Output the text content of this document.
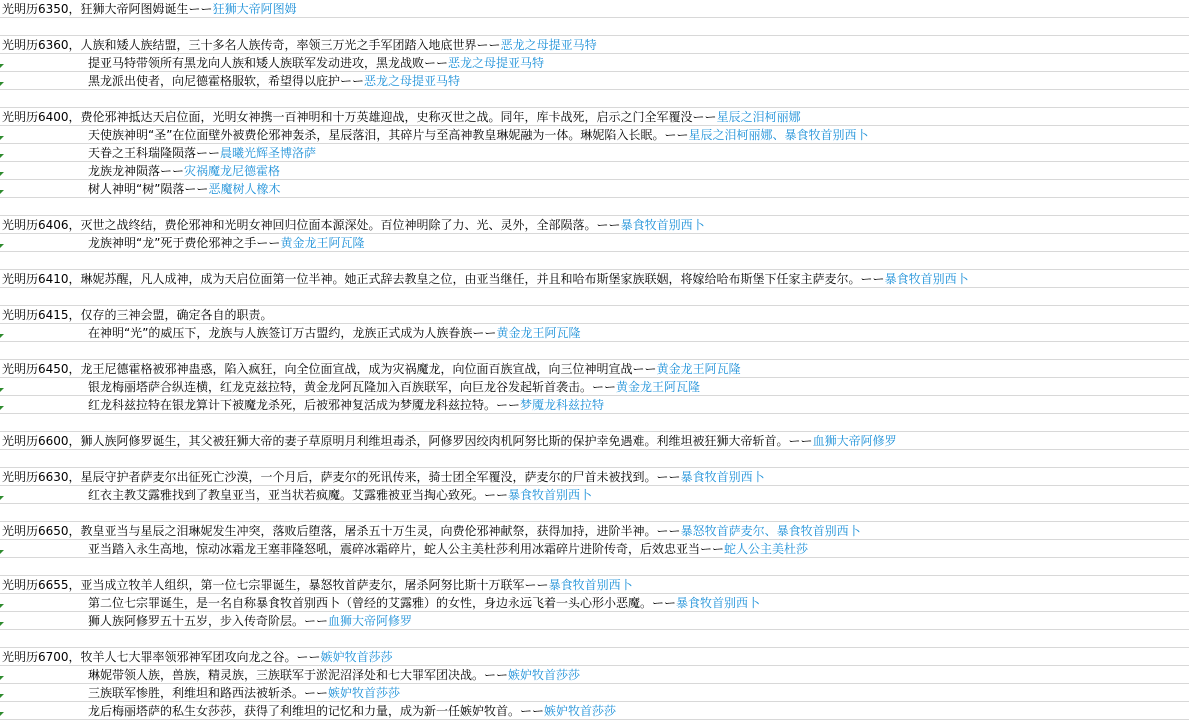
光明历6350，狂狮大帝阿图姆诞生ーー狂狮大帝阿图姆
光明历6360，人族和矮人族结盟，三十多名人族传奇，率领三万光之手军团踏入地底世界ーー恶龙之母提亚马特
提亚马特带领所有黑龙向人族和矮人族联军发动进攻，黑龙战败ーー恶龙之母提亚马特
黑龙派出使者，向尼德霍格服软，希望得以庇护ーー恶龙之母提亚马特
光明历6400，费伦邪神抵达天启位面，光明女神携一百神明和十万英雄迎战，史称灭世之战。同年，库卡战死，启示之门全军覆没ーー星辰之泪柯丽娜
天使族神明“圣”在位面壁外被费伦邪神轰杀，星辰落泪，其碎片与至高神教皇琳妮融为一体。琳妮陷入长眠。ーー星辰之泪柯丽娜、暴食牧首别西卜
天眷之王科瑞隆陨落ーー晨曦光辉圣博洛萨
龙族龙神陨落ーー灾祸魔龙尼德霍格
树人神明“树”陨落ーー恶魔树人橡木
光明历6406，灭世之战终结，费伦邪神和光明女神回归位面本源深处。百位神明除了力、光、灵外，全部陨落。ーー暴食牧首别西卜
龙族神明“龙”死于费伦邪神之手ーー黄金龙王阿瓦隆
光明历6410，琳妮苏醒，凡人成神，成为天启位面第一位半神。她正式辞去教皇之位，由亚当继任，并且和哈布斯堡家族联姻，将嫁给哈布斯堡下任家主萨麦尔。ーー暴食牧首别西卜
光明历6415，仅存的三神会盟，确定各自的职责。
在神明“光”的威压下，龙族与人族签订万古盟约，龙族正式成为人族眷族ーー黄金龙王阿瓦隆
光明历6450，龙王尼德霍格被邪神蛊惑，陷入疯狂，向全位面宣战，成为灾祸魔龙，向位面百族宣战，向三位神明宣战ーー黄金龙王阿瓦隆
银龙梅丽塔萨合纵连横，红龙克兹拉特，黄金龙阿瓦隆加入百族联军，向巨龙谷发起斩首袭击。ーー黄金龙王阿瓦隆
红龙科兹拉特在银龙算计下被魔龙杀死，后被邪神复活成为梦魇龙科兹拉特。ーー梦魇龙科兹拉特
光明历6600，狮人族阿修罗诞生，其父被狂狮大帝的妻子草原明月利维坦毒杀，阿修罗因绞肉机阿努比斯的保护幸免遇难。利维坦被狂狮大帝斩首。ーー血狮大帝阿修罗
光明历6630，星辰守护者萨麦尔出征死亡沙漠，一个月后，萨麦尔的死讯传来，骑士团全军覆没，萨麦尔的尸首未被找到。ーー暴食牧首别西卜
红衣主教艾露雅找到了教皇亚当，亚当状若疯魔。艾露雅被亚当掏心致死。ーー暴食牧首别西卜
光明历6650，教皇亚当与星辰之泪琳妮发生冲突，落败后堕落，屠杀五十万生灵，向费伦邪神献祭，获得加持，进阶半神。ーー暴怒牧首萨麦尔、暴食牧首别西卜
亚当踏入永生高地，惊动冰霜龙王塞菲隆怒吼，震碎冰霜碎片，蛇人公主美杜莎利用冰霜碎片进阶传奇，后效忠亚当ーー蛇人公主美杜莎
光明历6655，亚当成立牧羊人组织，第一位七宗罪诞生，暴怒牧首萨麦尔，屠杀阿努比斯十万联军ーー暴食牧首别西卜
第二位七宗罪诞生，是一名自称暴食牧首别西卜（曾经的艾露雅）的女性，身边永远飞着一头心形小恶魔。ーー暴食牧首别西卜
狮人族阿修罗五十五岁，步入传奇阶层。ーー血狮大帝阿修罗
光明历6700，牧羊人七大罪率领邪神军团攻向龙之谷。ーー嫉妒牧首莎莎
琳妮带领人族，兽族，精灵族，三族联军于淤泥沼泽处和七大罪军团决战。ーー嫉妒牧首莎莎
三族联军惨胜，利维坦和路西法被斩杀。ーー嫉妒牧首莎莎
龙后梅丽塔萨的私生女莎莎，获得了利维坦的记忆和力量，成为新一任嫉妒牧首。ーー嫉妒牧首莎莎
